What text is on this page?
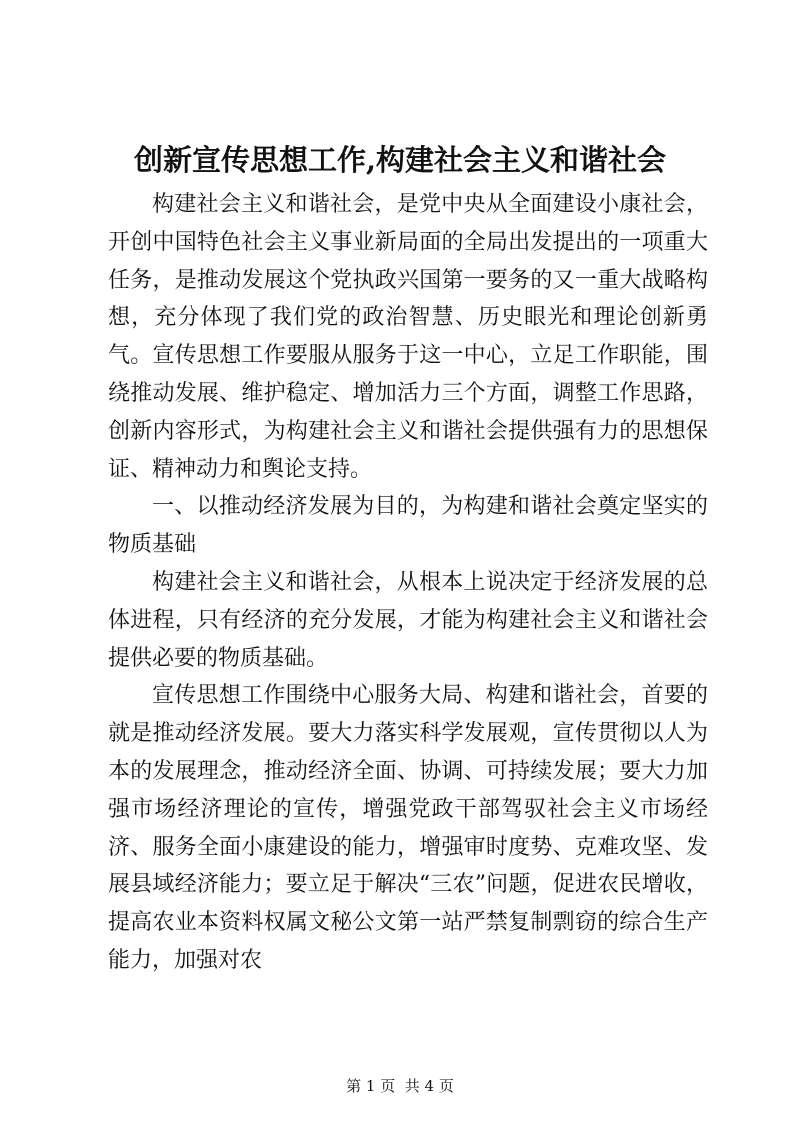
创新宣传思想工作,构建社会主义和谐社会

构建社会主义和谐社会，是党中央从全面建设小康社会，开创中国特色社会主义事业新局面的全局出发提出的一项重大任务，是推动发展这个党执政兴国第一要务的又一重大战略构想，充分体现了我们党的政治智慧、历史眼光和理论创新勇气。宣传思想工作要服从服务于这一中心，立足工作职能，围绕推动发展、维护稳定、增加活力三个方面，调整工作思路，创新内容形式，为构建社会主义和谐社会提供强有力的思想保证、精神动力和舆论支持。

一、以推动经济发展为目的，为构建和谐社会奠定坚实的物质基础

构建社会主义和谐社会，从根本上说决定于经济发展的总体进程，只有经济的充分发展，才能为构建社会主义和谐社会提供必要的物质基础。

宣传思想工作围绕中心服务大局、构建和谐社会，首要的就是推动经济发展。要大力落实科学发展观，宣传贯彻以人为本的发展理念，推动经济全面、协调、可持续发展；要大力加强市场经济理论的宣传，增强党政干部驾驭社会主义市场经济、服务全面小康建设的能力，增强审时度势、克难攻坚、发展县域经济能力；要立足于解决“三农”问题，促进农民增收，提高农业本资料权属文秘公文第一站严禁复制剽窃的综合生产能力，加强对农

第 1 页  共 4 页
